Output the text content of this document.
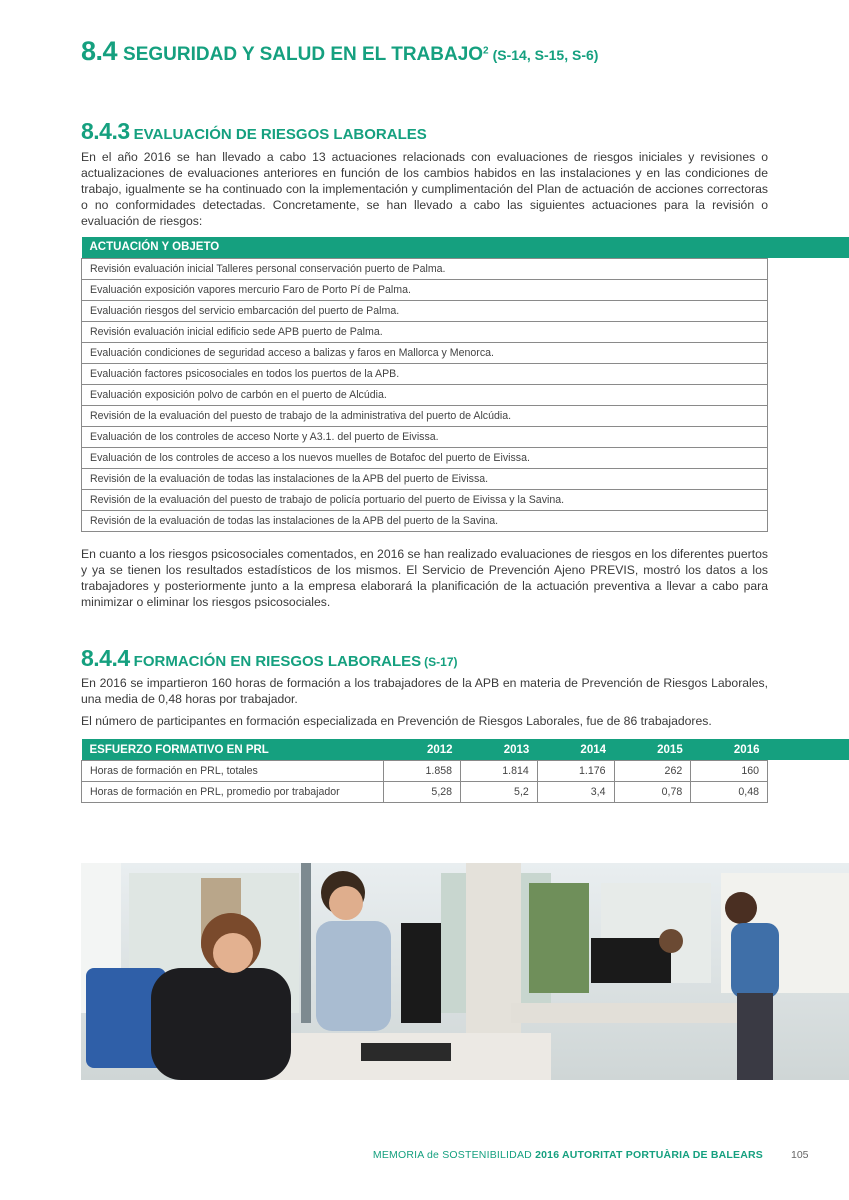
8.4 SEGURIDAD Y SALUD EN EL TRABAJO$^2$ (S-14, S-15, S-6)
8.4.3 EVALUACIÓN DE RIESGOS LABORALES
En el año 2016 se han llevado a cabo 13 actuaciones relacionads con evaluaciones de riesgos iniciales y revisiones o actualizaciones de evaluaciones anteriores en función de los cambios habidos en las instalaciones y en las condiciones de trabajo, igualmente se ha continuado con la implementación y cumplimentación del Plan de actuación de acciones correctoras o no conformidades detectadas. Concretamente, se han llevado a cabo las siguientes actuaciones para la revisión o evaluación de riesgos:
ACTUACIÓN Y OBJETO
Revisión evaluación inicial Talleres personal conservación puerto de Palma.
Evaluación exposición vapores mercurio Faro de Porto Pí de Palma.
Evaluación riesgos del servicio embarcación del puerto de Palma.
Revisión evaluación inicial edificio sede APB puerto de Palma.
Evaluación condiciones de seguridad acceso a balizas y faros en Mallorca y Menorca.
Evaluación factores psicosociales en todos los puertos de la APB.
Evaluación exposición polvo de carbón en el puerto de Alcúdia.
Revisión de la evaluación del puesto de trabajo de la administrativa del puerto de Alcúdia.
Evaluación de los controles de acceso Norte y A3.1. del puerto de Eivissa.
Evaluación de los controles de acceso a los nuevos muelles de Botafoc del puerto de Eivissa.
Revisión de la evaluación de todas las instalaciones de la APB del puerto de Eivissa.
Revisión de la evaluación del puesto de trabajo de policía portuario del puerto de Eivissa y la Savina.
Revisión de la evaluación de todas las instalaciones de la APB del puerto de la Savina.
En cuanto a los riesgos psicosociales comentados, en 2016 se han realizado evaluaciones de riesgos en los diferentes puertos y ya se tienen los resultados estadísticos de los mismos. El Servicio de Prevención Ajeno PREVIS, mostró los datos a los trabajadores y posteriormente junto a la empresa elaborará la planificación de la actuación preventiva a llevar a cabo para minimizar o eliminar los riesgos psicosociales.
8.4.4 FORMACIÓN EN RIESGOS LABORALES (S-17)
En 2016 se impartieron 160 horas de formación a los trabajadores de la APB en materia de Prevención de Riesgos Laborales, una media de 0,48 horas por trabajador.
El número de participantes en formación especializada en Prevención de Riesgos Laborales, fue de 86 trabajadores.
ESFUERZO FORMATIVO EN PRL	2012	2013	2014	2015	2016
Horas de formación en PRL, totales	1.858	1.814	1.176	262	160
Horas de formación en PRL, promedio por trabajador	5,28	5,2	3,4	0,78	0,48
MEMORIA de SOSTENIBILIDAD 2016 AUTORITAT PORTUÀRIA DE BALEARS	105
